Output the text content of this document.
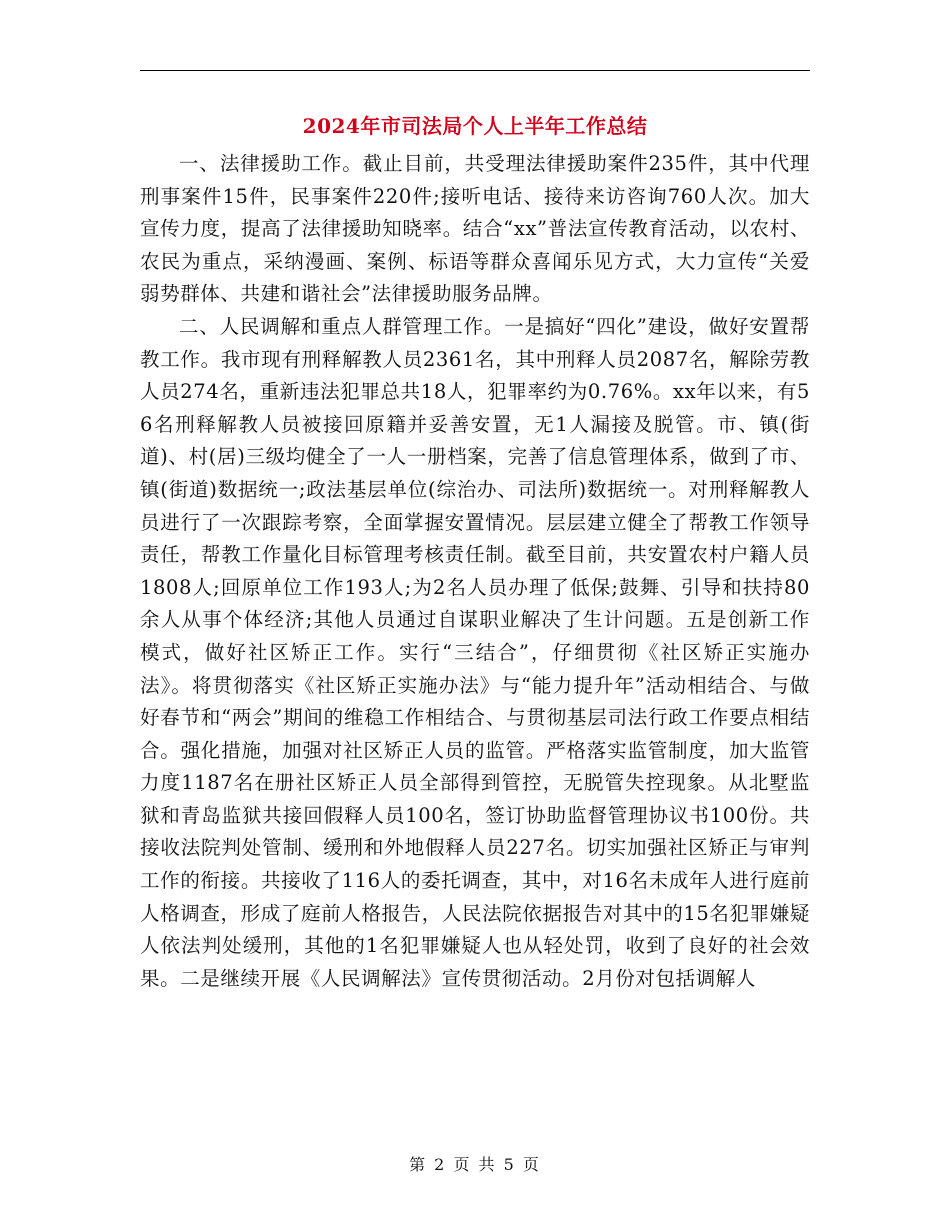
2024年市司法局个人上半年工作总结

一、法律援助工作。截止目前，共受理法律援助案件235件，其中代理刑事案件15件，民事案件220件;接听电话、接待来访咨询760人次。加大宣传力度，提高了法律援助知晓率。结合“xx”普法宣传教育活动，以农村、农民为重点，采纳漫画、案例、标语等群众喜闻乐见方式，大力宣传“关爱弱势群体、共建和谐社会”法律援助服务品牌。

二、人民调解和重点人群管理工作。一是搞好“四化”建设，做好安置帮教工作。我市现有刑释解教人员2361名，其中刑释人员2087名，解除劳教人员274名，重新违法犯罪总共18人，犯罪率约为0.76%。xx年以来，有56名刑释解教人员被接回原籍并妥善安置，无1人漏接及脱管。市、镇(街道)、村(居)三级均健全了一人一册档案，完善了信息管理体系，做到了市、镇(街道)数据统一;政法基层单位(综治办、司法所)数据统一。对刑释解教人员进行了一次跟踪考察，全面掌握安置情况。层层建立健全了帮教工作领导责任，帮教工作量化目标管理考核责任制。截至目前，共安置农村户籍人员1808人;回原单位工作193人;为2名人员办理了低保;鼓舞、引导和扶持80余人从事个体经济;其他人员通过自谋职业解决了生计问题。五是创新工作模式，做好社区矫正工作。实行“三结合”，仔细贯彻《社区矫正实施办法》。将贯彻落实《社区矫正实施办法》与“能力提升年”活动相结合、与做好春节和“两会”期间的维稳工作相结合、与贯彻基层司法行政工作要点相结合。强化措施，加强对社区矫正人员的监管。严格落实监管制度，加大监管力度1187名在册社区矫正人员全部得到管控，无脱管失控现象。从北墅监狱和青岛监狱共接回假释人员100名，签订协助监督管理协议书100份。共接收法院判处管制、缓刑和外地假释人员227名。切实加强社区矫正与审判工作的衔接。共接收了116人的委托调查，其中，对16名未成年人进行庭前人格调查，形成了庭前人格报告，人民法院依据报告对其中的15名犯罪嫌疑人依法判处缓刑，其他的1名犯罪嫌疑人也从轻处罚，收到了良好的社会效果。二是继续开展《人民调解法》宣传贯彻活动。2月份对包括调解人

第 2 页 共 5 页
